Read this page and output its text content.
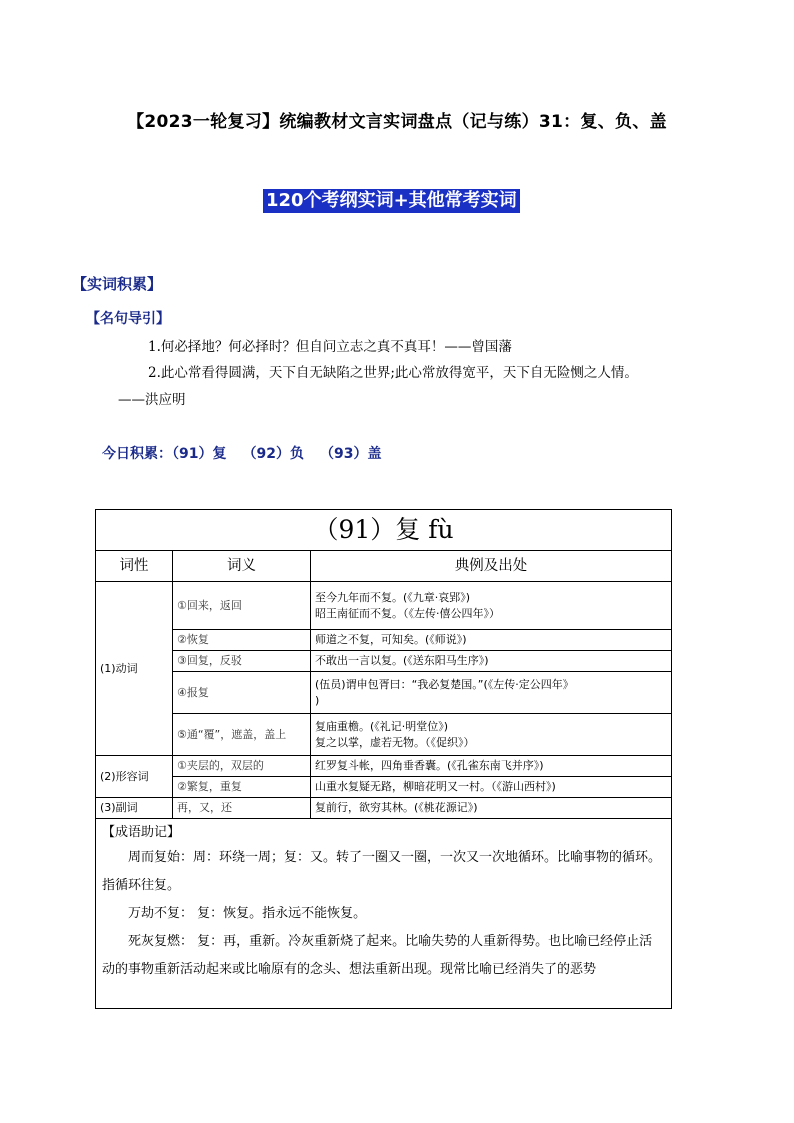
【2023一轮复习】统编教材文言实词盘点（记与练）31：复、负、盖
120个考纲实词+其他常考实词
【实词积累】
【名句导引】
1.何必择地？何必择时？但自问立志之真不真耳！——曾国藩
2.此心常看得圆满，天下自无缺陷之世界;此心常放得宽平，天下自无险恻之人情。
——洪应明
今日积累：（91）复 （92）负 （93）盖
（91）复 fù		
词性	词义	典例及出处
(1)动词	①回来，返回	至今九年而不复。(《九章·哀郢》)
昭王南征而不复。（《左传·僖公四年》）

	②恢复	师道之不复，可知矣。(《师说》)

	③回复，反驳	不敢出一言以复。(《送东阳马生序》)

	④报复	(伍员)谓申包胥曰：“我必复楚国。”(《左传·定公四年》
)

	⑤通“覆”，遮盖，盖上	复庙重檐。(《礼记·明堂位》)
复之以掌，虚若无物。（《促织》）

(2)形容词	①夹层的，双层的	红罗复斗帐，四角垂香囊。(《孔雀东南飞并序》)

	②繁复，重复	山重水复疑无路，柳暗花明又一村。（《游山西村》)

(3)副词	再，又，还	复前行，欲穷其林。(《桃花源记》)

【成语助记】

周而复始：周：环绕一周；复：又。转了一圈又一圈，一次又一次地循环。比喻事物的循环。指循环往复。

万劫不复： 复：恢复。指永远不能恢复。

死灰复燃： 复：再，重新。冷灰重新烧了起来。比喻失势的人重新得势。也比喻已经停止活动的事物重新活动起来或比喻原有的念头、想法重新出现。现常比喻已经消失了的恶势		
